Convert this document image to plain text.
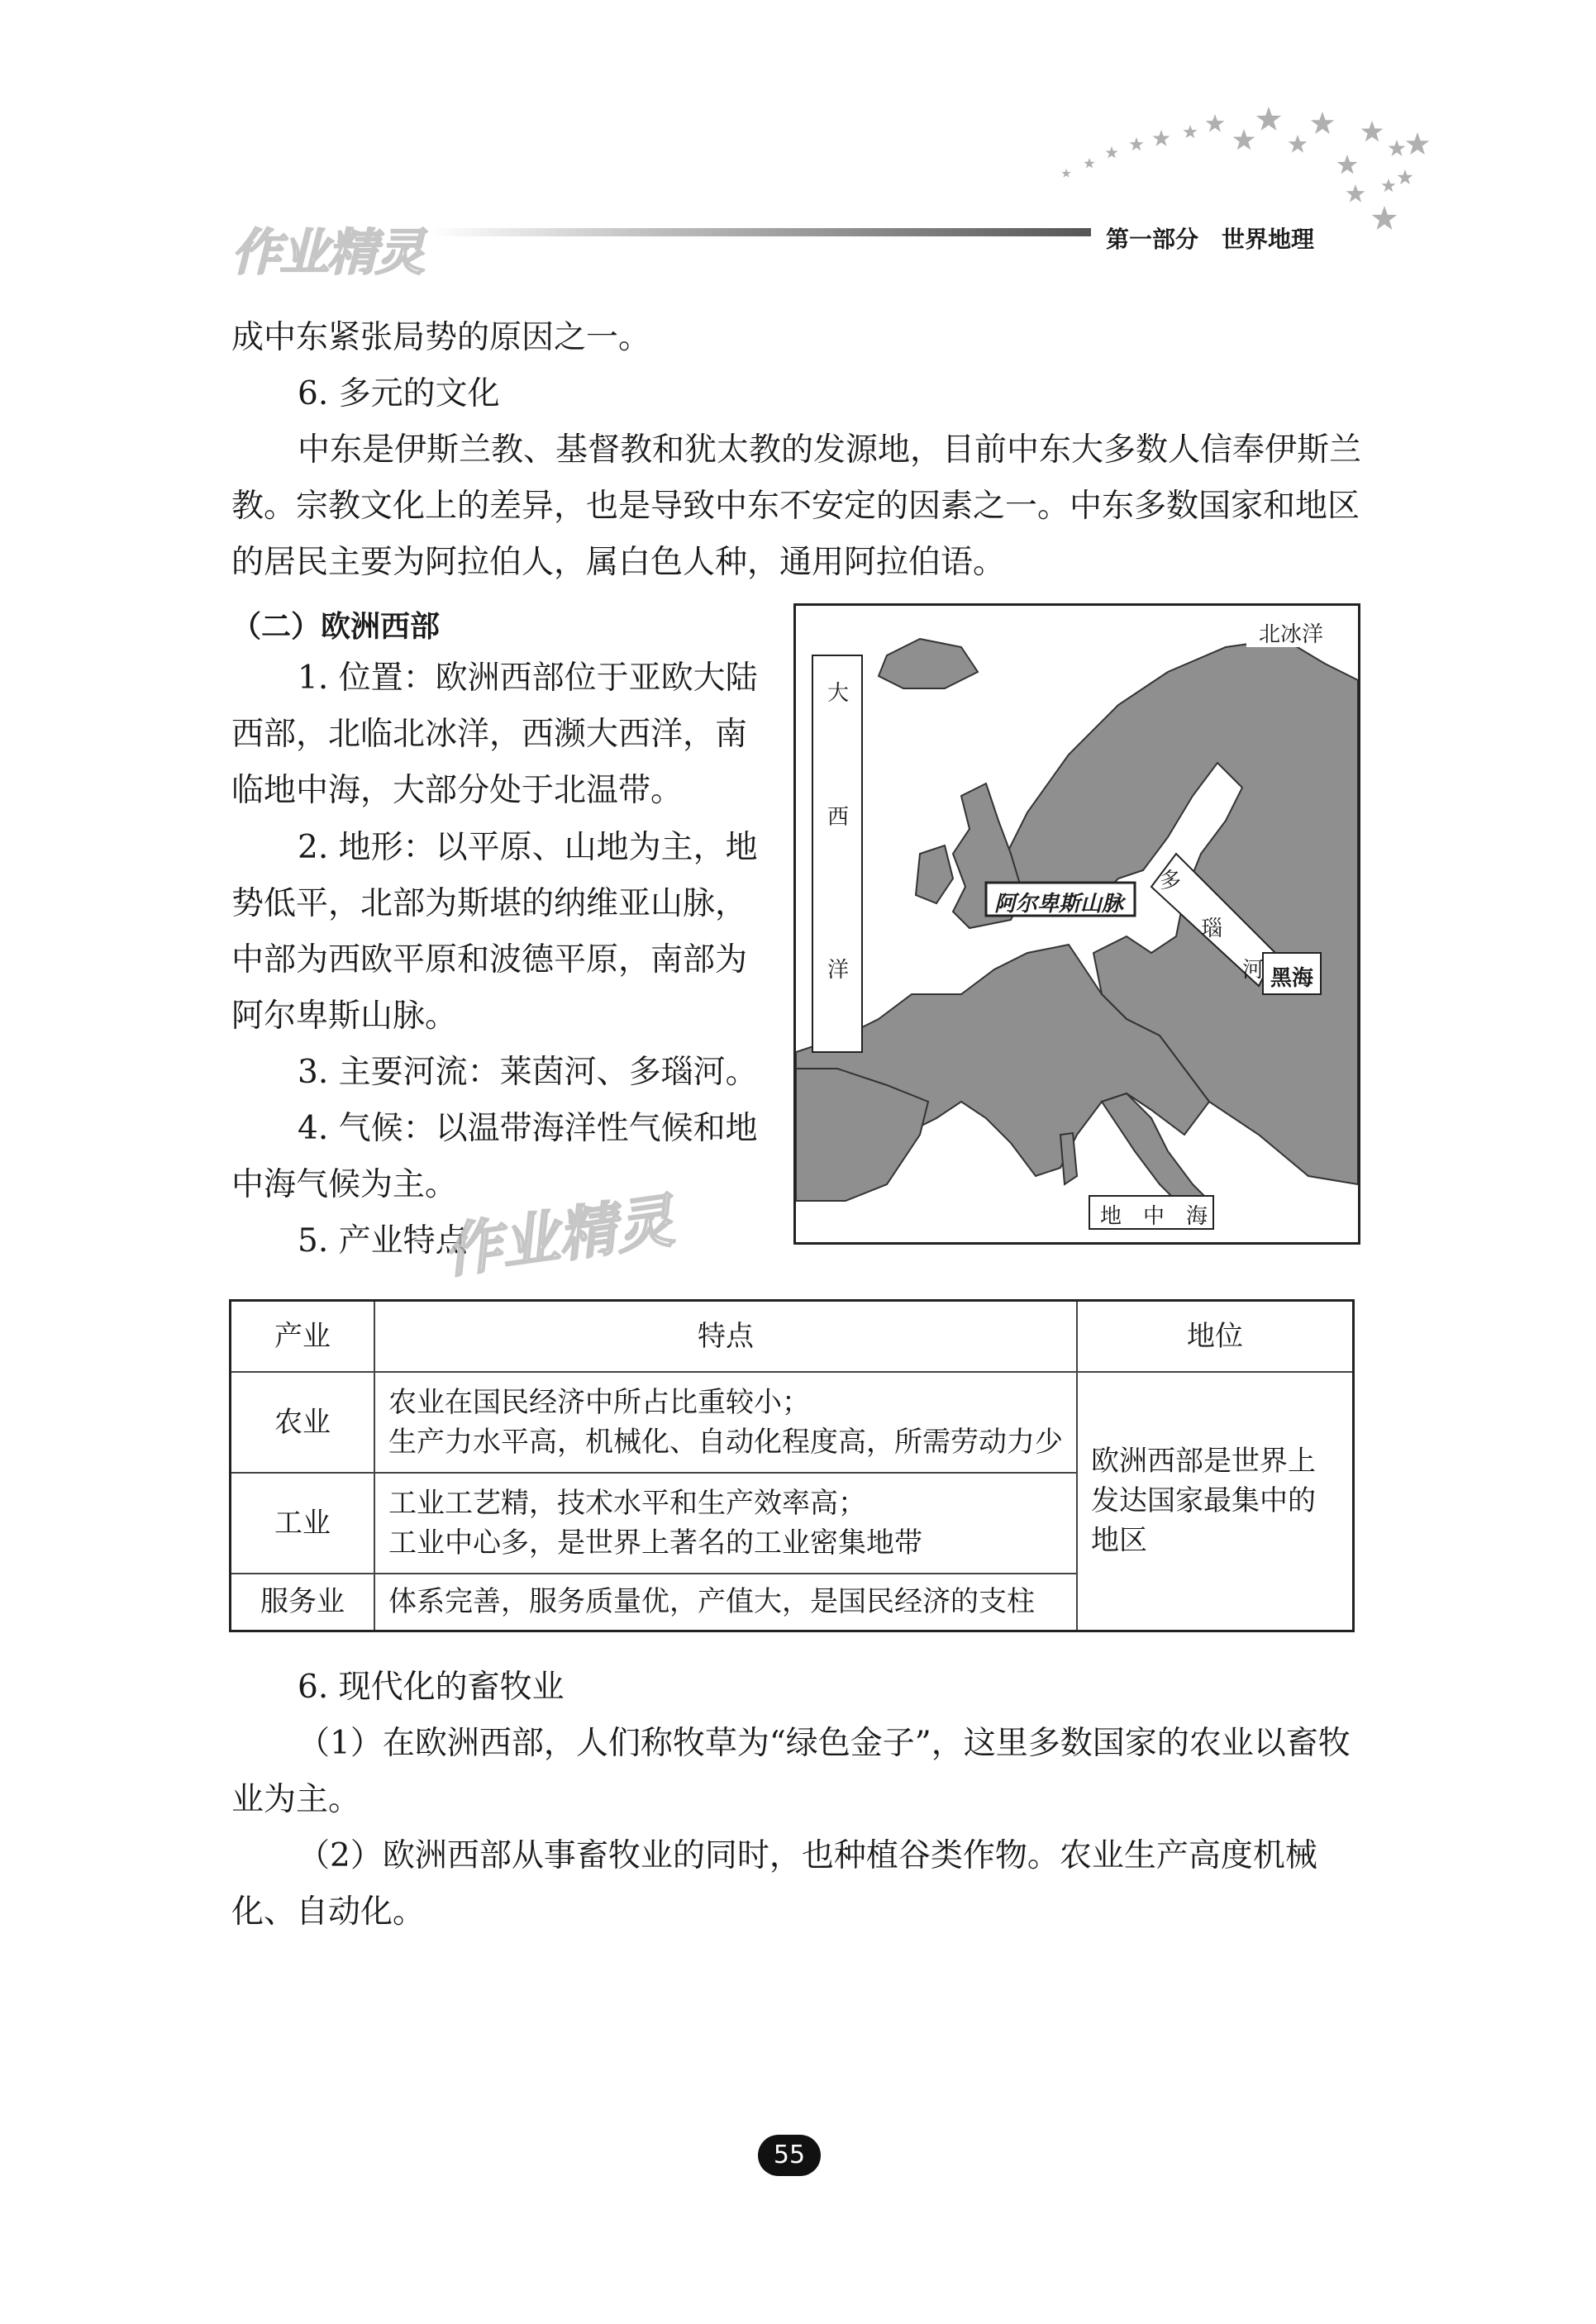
作业精灵	第一部分　世界地理
成中东紧张局势的原因之一。
6. 多元的文化
中东是伊斯兰教、基督教和犹太教的发源地，目前中东大多数人信奉伊斯兰教。宗教文化上的差异，也是导致中东不安定的因素之一。中东多数国家和地区的居民主要为阿拉伯人，属白色人种，通用阿拉伯语。
（二）欧洲西部
1. 位置：欧洲西部位于亚欧大陆西部，北临北冰洋，西濒大西洋，南临地中海，大部分处于北温带。
2. 地形：以平原、山地为主，地势低平，北部为斯堪的纳维亚山脉，中部为西欧平原和波德平原，南部为阿尔卑斯山脉。
3. 主要河流：莱茵河、多瑙河。
4. 气候：以温带海洋性气候和地中海气候为主。
5. 产业特点
作业精灵
北冰洋
大
西
洋
阿尔卑斯山脉
多
瑙
河 黑海
地　中　海
产业	特点	地位
农业	农业在国民经济中所占比重较小；
生产力水平高，机械化、自动化程度高，所需劳动力少	欧洲西部是世界上发达国家最集中的地区
工业	工业工艺精，技术水平和生产效率高；
工业中心多，是世界上著名的工业密集地带	

服务业	体系完善，服务质量优，产值大，是国民经济的支柱	
6. 现代化的畜牧业
（1）在欧洲西部，人们称牧草为“绿色金子”，这里多数国家的农业以畜牧业为主。
（2）欧洲西部从事畜牧业的同时，也种植谷类作物。农业生产高度机械化、自动化。
55
